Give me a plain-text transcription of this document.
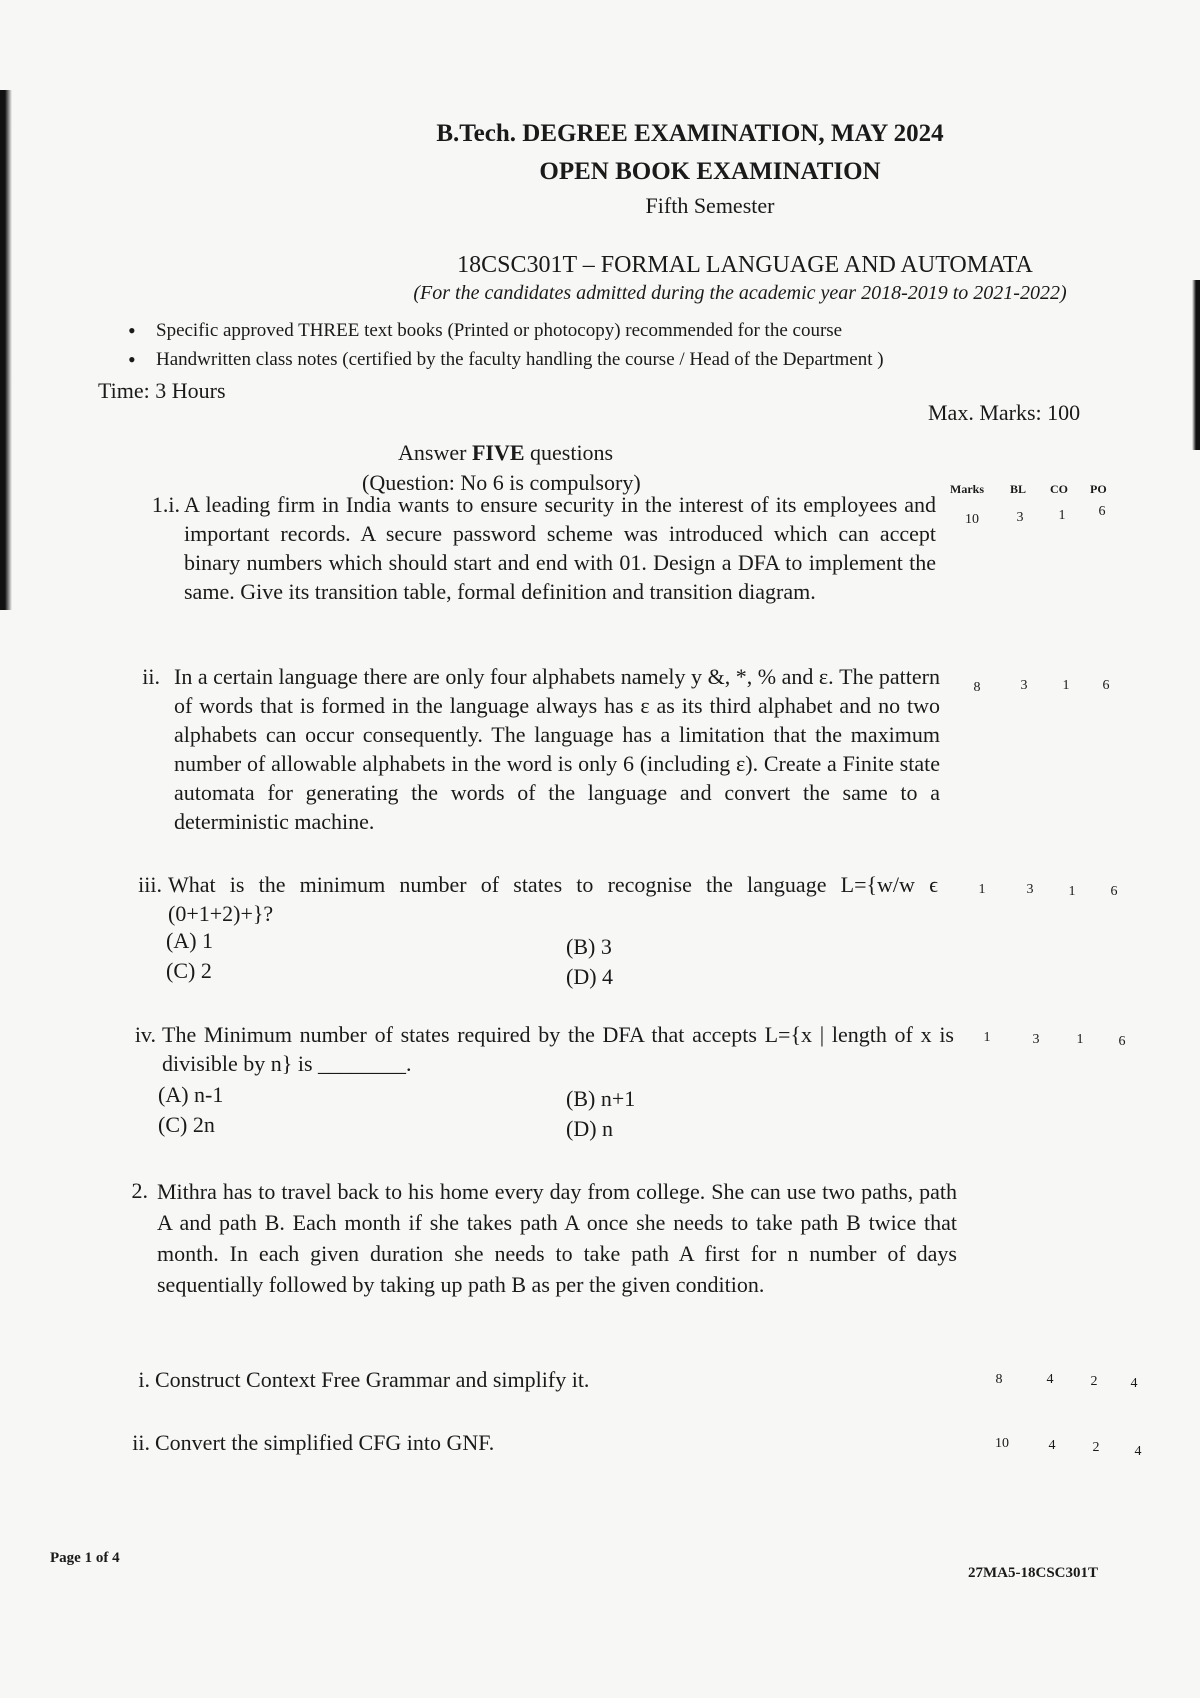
B.Tech. DEGREE EXAMINATION, MAY 2024
OPEN BOOK EXAMINATION
Fifth Semester
18CSC301T – FORMAL LANGUAGE AND AUTOMATA
(For the candidates admitted during the academic year 2018-2019 to 2021-2022)
• Specific approved THREE text books (Printed or photocopy) recommended for the course
• Handwritten class notes (certified by the faculty handling the course / Head of the Department )
Time: 3 Hours
Max. Marks: 100
Answer FIVE questions
(Question: No 6 is compulsory)	Marks BL CO PO
1.i. A leading firm in India wants to ensure security in the interest of its employees and important records. A secure password scheme was introduced which can accept binary numbers which should start and end with 01. Design a DFA to implement the same. Give its transition table, formal definition and transition diagram.
10	3	1	6
ii. In a certain language there are only four alphabets namely y &, *, % and ε. The pattern of words that is formed in the language always has ε as its third alphabet and no two alphabets can occur consequently. The language has a limitation that the maximum number of allowable alphabets in the word is only 6 (including ε). Create a Finite state automata for generating the words of the language and convert the same to a deterministic machine.
8	3	1	6
iii. What is the minimum number of states to recognise the language L={w/w ϵ (0+1+2)+}?
(A) 1	(B) 3
(C) 2	(D) 4
1	3	1	6
iv. The Minimum number of states required by the DFA that accepts L={x | length of x is divisible by n} is ________.
(A) n-1	(B) n+1
(C) 2n	(D) n
1	3	1	6
2. Mithra has to travel back to his home every day from college. She can use two paths, path A and path B. Each month if she takes path A once she needs to take path B twice that month. In each given duration she needs to take path A first for n number of days sequentially followed by taking up path B as per the given condition.
i. Construct Context Free Grammar and simplify it.	8	4	2	4
ii. Convert the simplified CFG into GNF.	10	4	2	4
Page 1 of 4
27MA5-18CSC301T
